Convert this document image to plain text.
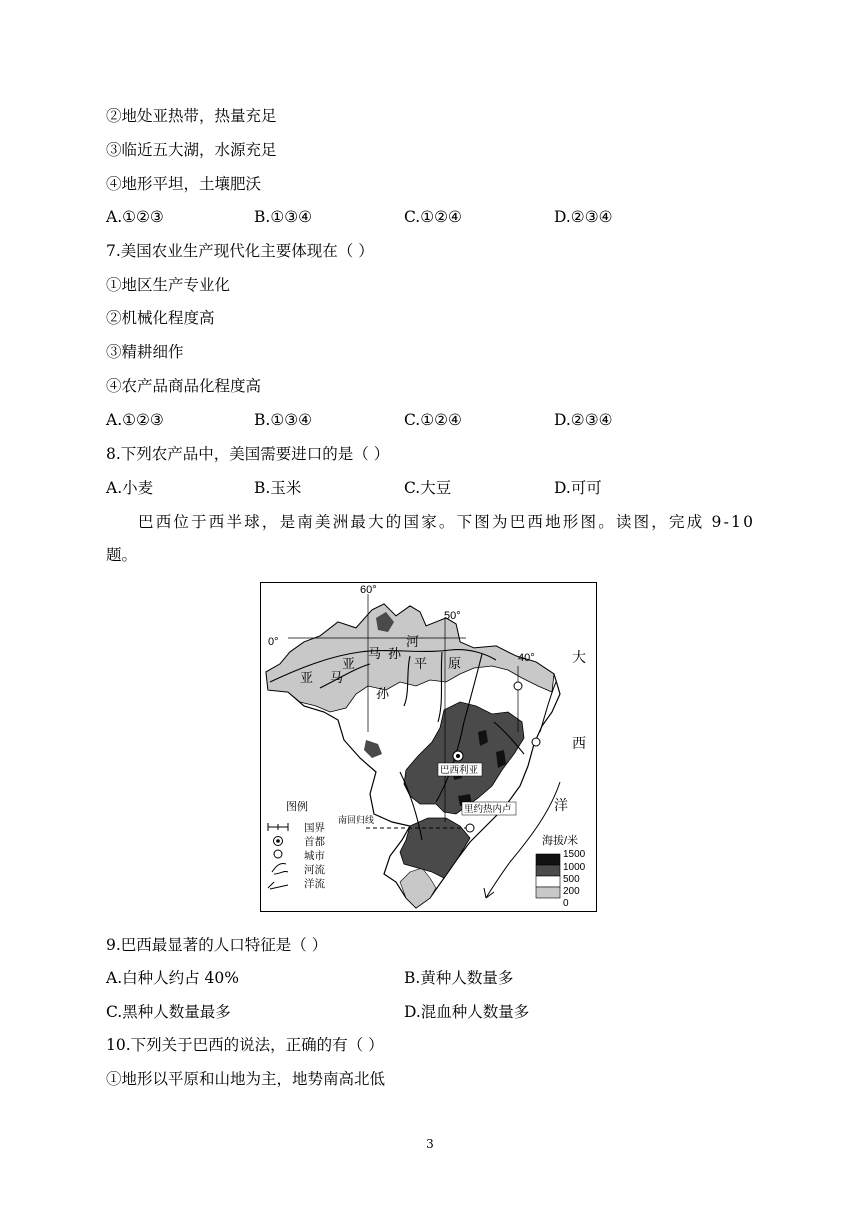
②地处亚热带，热量充足
③临近五大湖，水源充足
④地形平坦，土壤肥沃
A.①②③	B.①③④	C.①②④	D.②③④
7.美国农业生产现代化主要体现在（ ）
①地区生产专业化
②机械化程度高
③精耕细作
④农产品商品化程度高
A.①②③	B.①③④	C.①②④	D.②③④
8.下列农产品中，美国需要进口的是（ ）
A.小麦	B.玉米	C.大豆	D.可可
巴西位于西半球，是南美洲最大的国家。下图为巴西地形图。读图，完成 9-10
题。
60°
50°
0°
40°
亚 马
孙
河
亚
马 孙
平 原	大
西
洋
巴西利亚
里约热内卢
南回归线
图例
国界
首都
城市
河流
洋流
海拔/米
1500
1000
500
200
0
9.巴西最显著的人口特征是（ ）
A.白种人约占 40%	B.黄种人数量多
C.黑种人数量最多	D.混血种人数量多
10.下列关于巴西的说法，正确的有（ ）
①地形以平原和山地为主，地势南高北低
3
